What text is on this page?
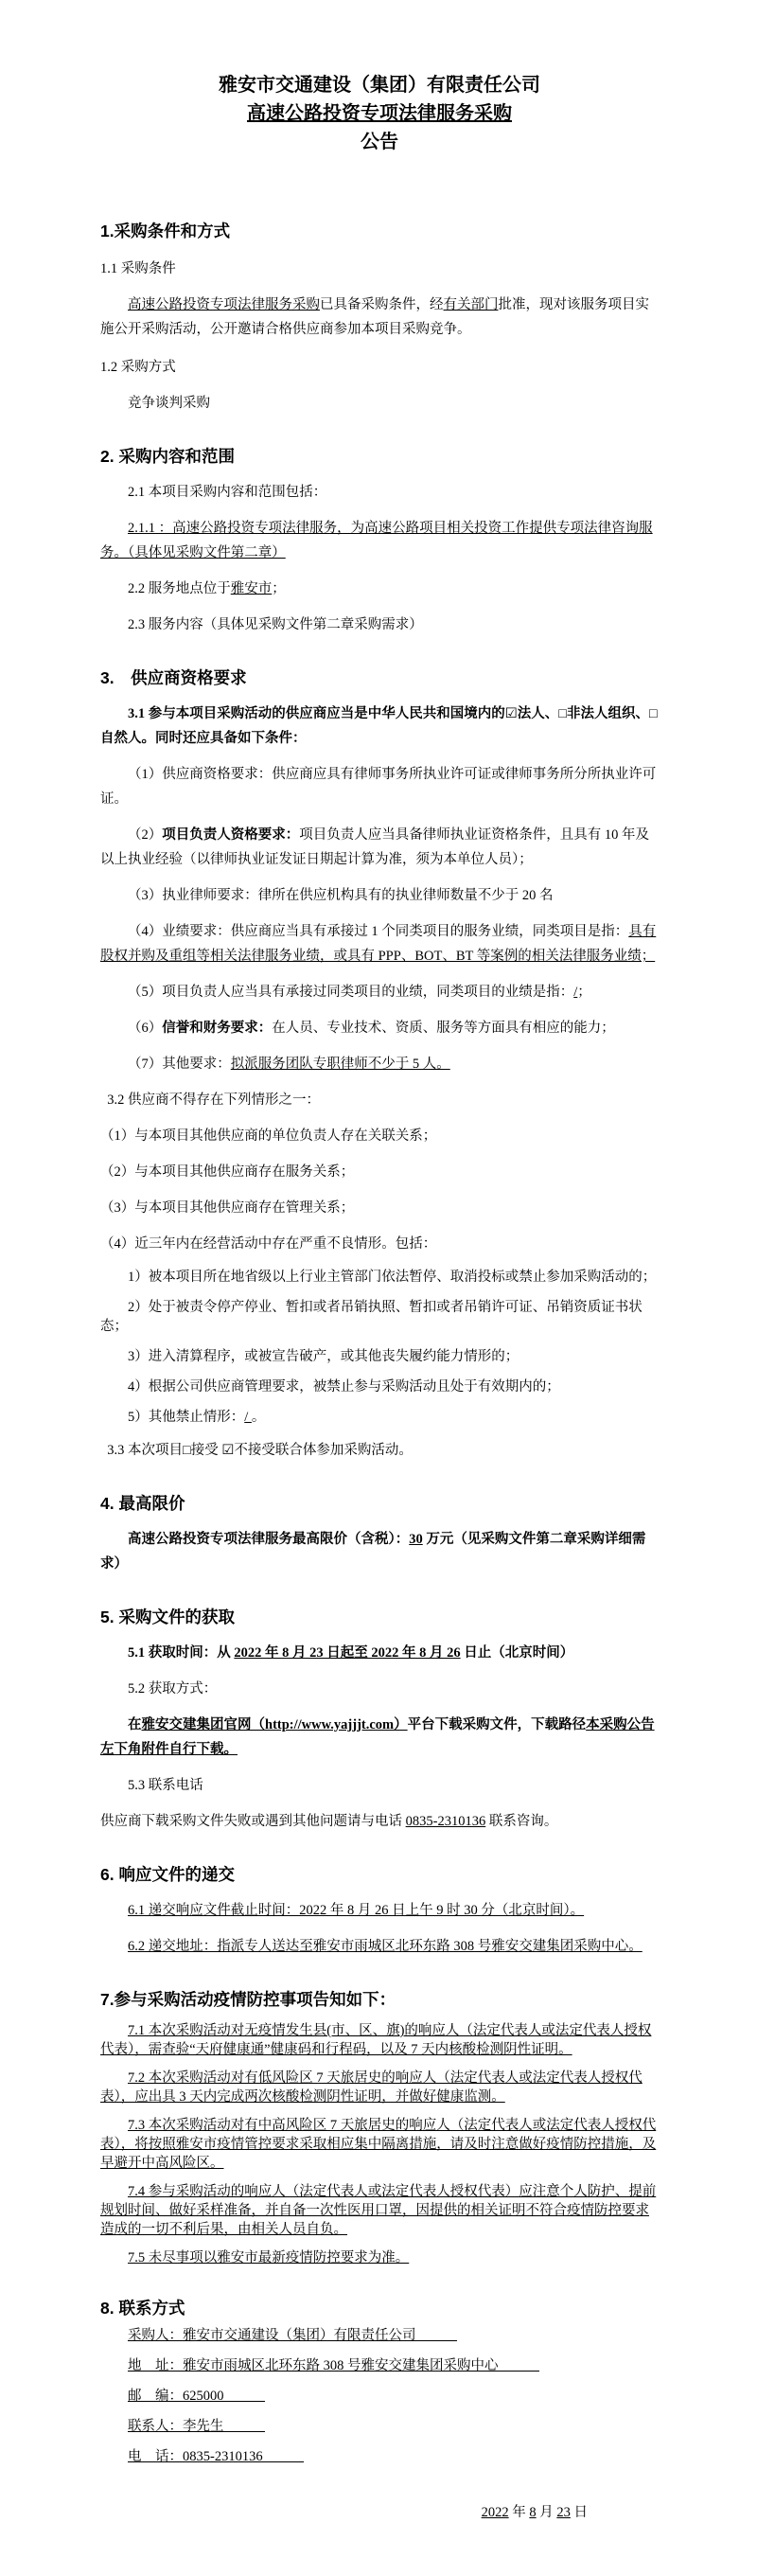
雅安市交通建设（集团）有限责任公司

高速公路投资专项法律服务采购

公告

1.采购条件和方式

1.1 采购条件

高速公路投资专项法律服务采购已具备采购条件，经有关部门批准，现对该服务项目实施公开采购活动，公开邀请合格供应商参加本项目采购竞争。

1.2 采购方式

竞争谈判采购

2. 采购内容和范围

2.1 本项目采购内容和范围包括：

2.1.1 ：高速公路投资专项法律服务，为高速公路项目相关投资工作提供专项法律咨询服务。（具体见采购文件第二章）

2.2 服务地点位于雅安市；

2.3 服务内容（具体见采购文件第二章采购需求）

3.　供应商资格要求

3.1 参与本项目采购活动的供应商应当是中华人民共和国境内的☑法人、□非法人组织、□自然人。同时还应具备如下条件：

（1）供应商资格要求：供应商应具有律师事务所执业许可证或律师事务所分所执业许可证。

（2）项目负责人资格要求：项目负责人应当具备律师执业证资格条件，且具有 10 年及以上执业经验（以律师执业证发证日期起计算为准，须为本单位人员）；

（3）执业律师要求：律所在供应机构具有的执业律师数量不少于 20 名

（4）业绩要求：供应商应当具有承接过 1 个同类项目的服务业绩，同类项目是指：具有股权并购及重组等相关法律服务业绩，或具有 PPP、BOT、BT 等案例的相关法律服务业绩；

（5）项目负责人应当具有承接过同类项目的业绩，同类项目的业绩是指：/；

（6）信誉和财务要求：在人员、专业技术、资质、服务等方面具有相应的能力；

（7）其他要求：拟派服务团队专职律师不少于 5 人。

3.2 供应商不得存在下列情形之一：

（1）与本项目其他供应商的单位负责人存在关联关系；

（2）与本项目其他供应商存在服务关系；

（3）与本项目其他供应商存在管理关系；

（4）近三年内在经营活动中存在严重不良情形。包括：

1）被本项目所在地省级以上行业主管部门依法暂停、取消投标或禁止参加采购活动的；

2）处于被责令停产停业、暂扣或者吊销执照、暂扣或者吊销许可证、吊销资质证书状态；

3）进入清算程序，或被宣告破产，或其他丧失履约能力情形的；

4）根据公司供应商管理要求，被禁止参与采购活动且处于有效期内的；

5）其他禁止情形：/ 。

3.3 本次项目□接受 ☑不接受联合体参加采购活动。

4. 最高限价

高速公路投资专项法律服务最高限价（含税）：30 万元（见采购文件第二章采购详细需求）

5. 采购文件的获取

5.1 获取时间：从 2022 年 8 月 23 日起至 2022 年 8 月 26 日止（北京时间）

5.2 获取方式：

在雅安交建集团官网（http://www.yajjjt.com）平台下载采购文件，下载路径本采购公告左下角附件自行下载。

5.3 联系电话

供应商下载采购文件失败或遇到其他问题请与电话 0835-2310136 联系咨询。

6. 响应文件的递交

6.1 递交响应文件截止时间：2022 年 8 月 26 日上午 9 时 30 分（北京时间）。

6.2 递交地址：指派专人送达至雅安市雨城区北环东路 308 号雅安交建集团采购中心。

7.参与采购活动疫情防控事项告知如下：

7.1 本次采购活动对无疫情发生县(市、区、旗)的响应人（法定代表人或法定代表人授权代表），需查验“天府健康通”健康码和行程码，以及 7 天内核酸检测阴性证明。

7.2 本次采购活动对有低风险区 7 天旅居史的响应人（法定代表人或法定代表人授权代表），应出具 3 天内完成两次核酸检测阴性证明，并做好健康监测。

7.3 本次采购活动对有中高风险区 7 天旅居史的响应人（法定代表人或法定代表人授权代表），将按照雅安市疫情管控要求采取相应集中隔离措施，请及时注意做好疫情防控措施，及早避开中高风险区。

7.4 参与采购活动的响应人（法定代表人或法定代表人授权代表）应注意个人防护、提前规划时间、做好采样准备，并自备一次性医用口罩，因提供的相关证明不符合疫情防控要求造成的一切不利后果，由相关人员自负。

7.5 未尽事项以雅安市最新疫情防控要求为准。

8. 联系方式

采购人：雅安市交通建设（集团）有限责任公司　　　

地　址：雅安市雨城区北环东路 308 号雅安交建集团采购中心　　　

邮　编：625000　　　

联系人：李先生　　　

电　话：0835-2310136　　　

2022 年 8 月 23 日
